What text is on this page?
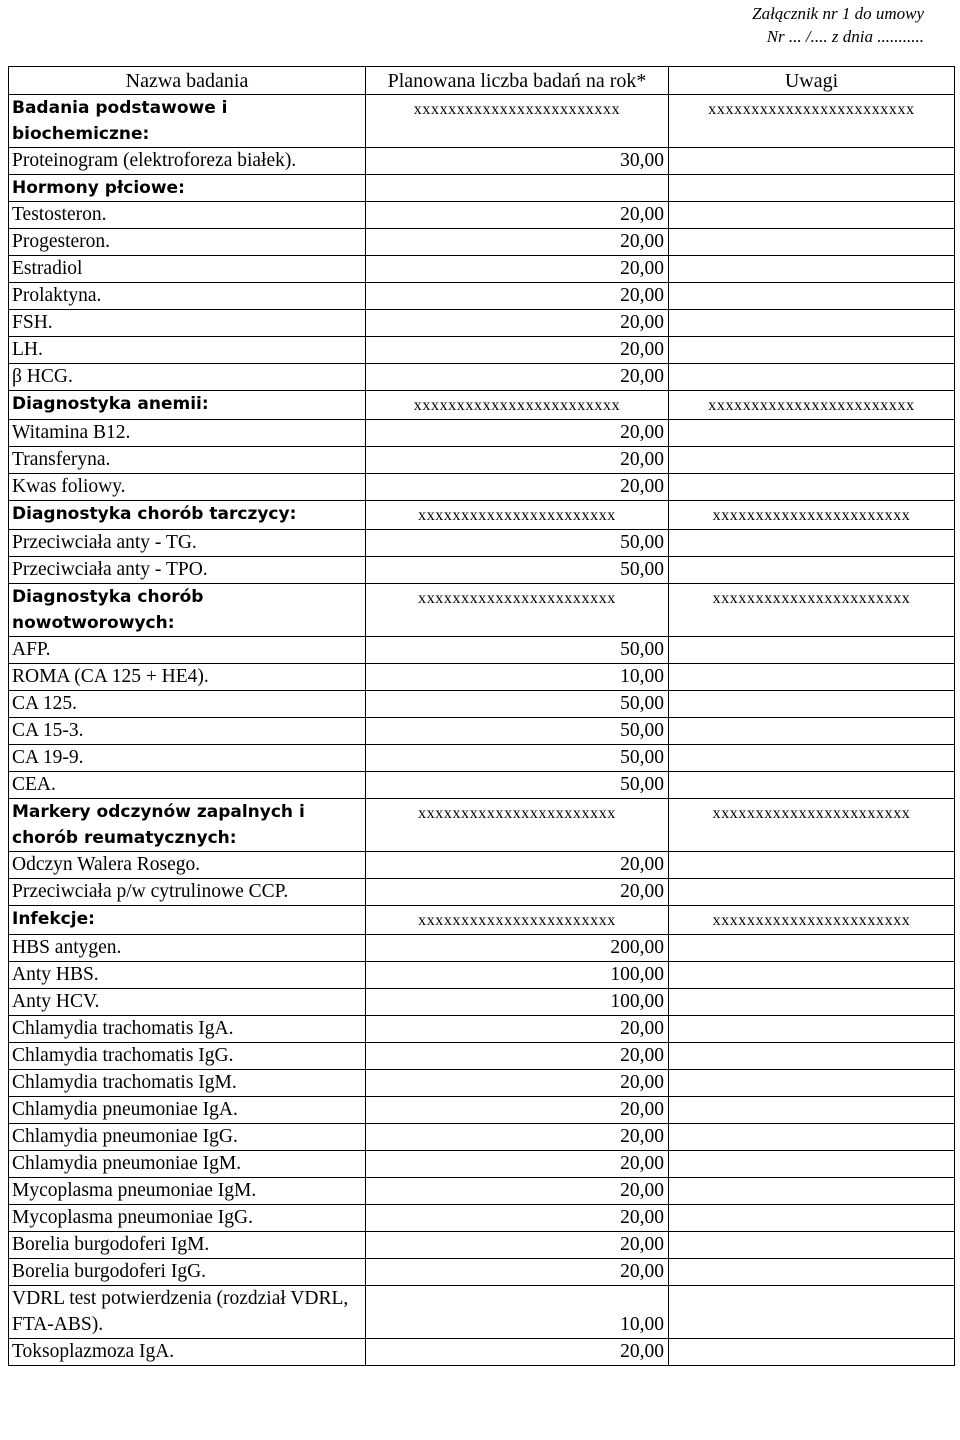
Załącznik nr 1 do umowy
Nr ... /.... z dnia ...........
Nazwa badania	Planowana liczba badań na rok*	Uwagi
Badania podstawowe i biochemiczne:	xxxxxxxxxxxxxxxxxxxxxxxx	xxxxxxxxxxxxxxxxxxxxxxxx
Proteinogram (elektroforeza białek).	30,00	
Hormony płciowe:		
Testosteron.	20,00	
Progesteron.	20,00	
Estradiol	20,00	
Prolaktyna.	20,00	
FSH.	20,00	
LH.	20,00	
β HCG.	20,00	
Diagnostyka anemii:	xxxxxxxxxxxxxxxxxxxxxxxx	xxxxxxxxxxxxxxxxxxxxxxxx
Witamina B12.	20,00	
Transferyna.	20,00	
Kwas foliowy.	20,00	
Diagnostyka chorób tarczycy:	xxxxxxxxxxxxxxxxxxxxxxx	xxxxxxxxxxxxxxxxxxxxxxx
Przeciwciała anty - TG.	50,00	
Przeciwciała anty - TPO.	50,00	
Diagnostyka chorób nowotworowych:	xxxxxxxxxxxxxxxxxxxxxxx	xxxxxxxxxxxxxxxxxxxxxxx
AFP.	50,00	
ROMA (CA 125 + HE4).	10,00	
CA 125.	50,00	
CA 15-3.	50,00	
CA 19-9.	50,00	
CEA.	50,00	
Markery odczynów zapalnych i chorób reumatycznych:	xxxxxxxxxxxxxxxxxxxxxxx	xxxxxxxxxxxxxxxxxxxxxxx
Odczyn Walera Rosego.	20,00	
Przeciwciała p/w cytrulinowe CCP.	20,00	
Infekcje:	xxxxxxxxxxxxxxxxxxxxxxx	xxxxxxxxxxxxxxxxxxxxxxx
HBS antygen.	200,00	
Anty HBS.	100,00	
Anty HCV.	100,00	
Chlamydia trachomatis IgA.	20,00	
Chlamydia trachomatis IgG.	20,00	
Chlamydia trachomatis IgM.	20,00	
Chlamydia pneumoniae IgA.	20,00	
Chlamydia pneumoniae IgG.	20,00	
Chlamydia pneumoniae IgM.	20,00	
Mycoplasma pneumoniae IgM.	20,00	
Mycoplasma pneumoniae IgG.	20,00	
Borelia burgodoferi IgM.	20,00	
Borelia burgodoferi IgG.	20,00	
VDRL test potwierdzenia (rozdział VDRL, FTA-ABS).	10,00	
Toksoplazmoza IgA.	20,00	
